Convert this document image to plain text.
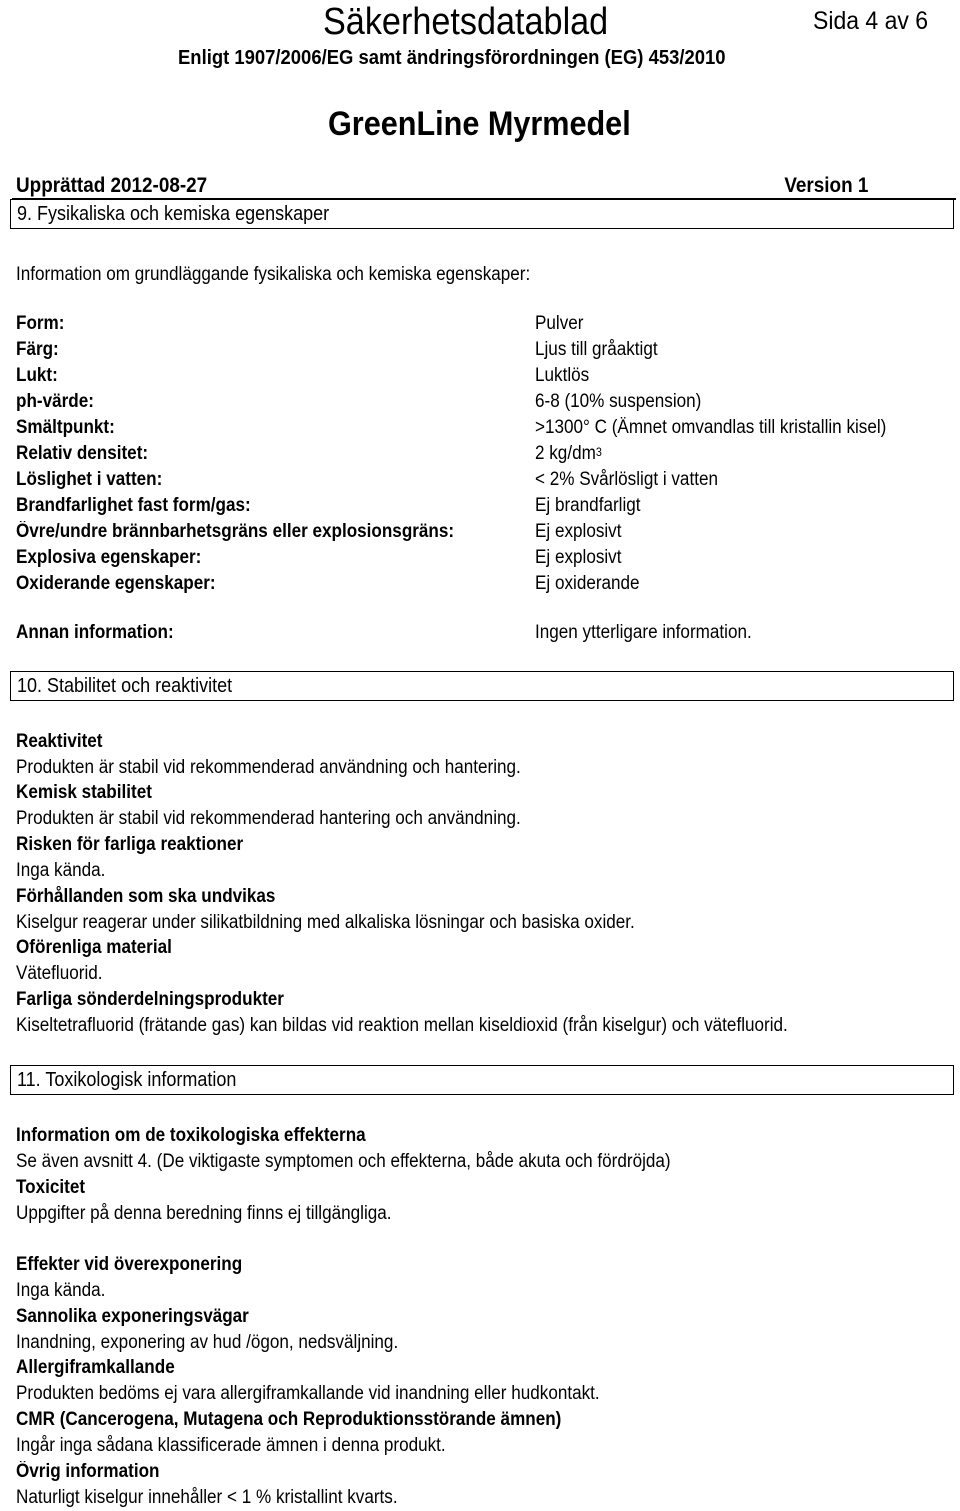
Säkerhetsdatablad	Sida 4 av 6
Enligt 1907/2006/EG samt ändringsförordningen (EG) 453/2010
GreenLine Myrmedel
Upprättad 2012-08-27	Version 1
9. Fysikaliska och kemiska egenskaper
Information om grundläggande fysikaliska och kemiska egenskaper:
Form:	Pulver
Färg:	Ljus till gråaktigt
Lukt:	Luktlös
ph-värde:	6-8 (10% suspension)
Smältpunkt:	>1300° C (Ämnet omvandlas till kristallin kisel)
Relativ densitet:	2 $kg/dm^3$
Löslighet i vatten:	< 2% Svårlösligt i vatten
Brandfarlighet fast form/gas:	Ej brandfarligt
Övre/undre brännbarhetsgräns eller explosionsgräns:	Ej explosivt
Explosiva egenskaper:	Ej explosivt
Oxiderande egenskaper:	Ej oxiderande
Annan information:	Ingen ytterligare information.
10. Stabilitet och reaktivitet
Reaktivitet
Produkten är stabil vid rekommenderad användning och hantering.
Kemisk stabilitet
Produkten är stabil vid rekommenderad hantering och användning.
Risken för farliga reaktioner
Inga kända.
Förhållanden som ska undvikas
Kiselgur reagerar under silikatbildning med alkaliska lösningar och basiska oxider.
Oförenliga material
Vätefluorid.
Farliga sönderdelningsprodukter
Kiseltetrafluorid (frätande gas) kan bildas vid reaktion mellan kiseldioxid (från kiselgur) och vätefluorid.
11. Toxikologisk information
Information om de toxikologiska effekterna
Se även avsnitt 4. (De viktigaste symptomen och effekterna, både akuta och fördröjda)
Toxicitet
Uppgifter på denna beredning finns ej tillgängliga.
Effekter vid överexponering
Inga kända.
Sannolika exponeringsvägar
Inandning, exponering av hud /ögon, nedsväljning.
Allergiframkallande
Produkten bedöms ej vara allergiframkallande vid inandning eller hudkontakt.
CMR (Cancerogena, Mutagena och Reproduktionsstörande ämnen)
Ingår inga sådana klassificerade ämnen i denna produkt.
Övrig information
Naturligt kiselgur innehåller < 1 % kristallint kvarts.
